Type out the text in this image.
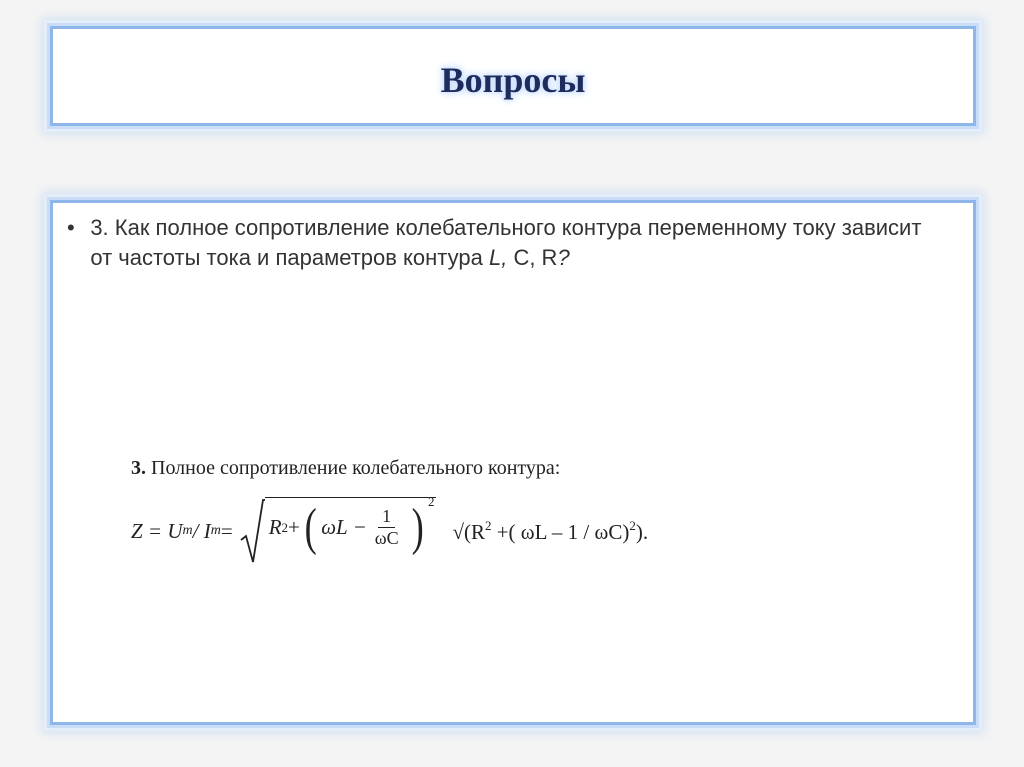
Вопросы
• 3. Как полное сопротивление колебательного контура переменному току зависит от частоты тока и параметров контура L, C, R?
3. Полное сопротивление колебательного контура:
Z = U m / I m = R 2 + ( $\omega L - \frac{1}{\omega C}$ ) 2
$√(R^2$ +( ωL – 1 / ωC)$^2$).
